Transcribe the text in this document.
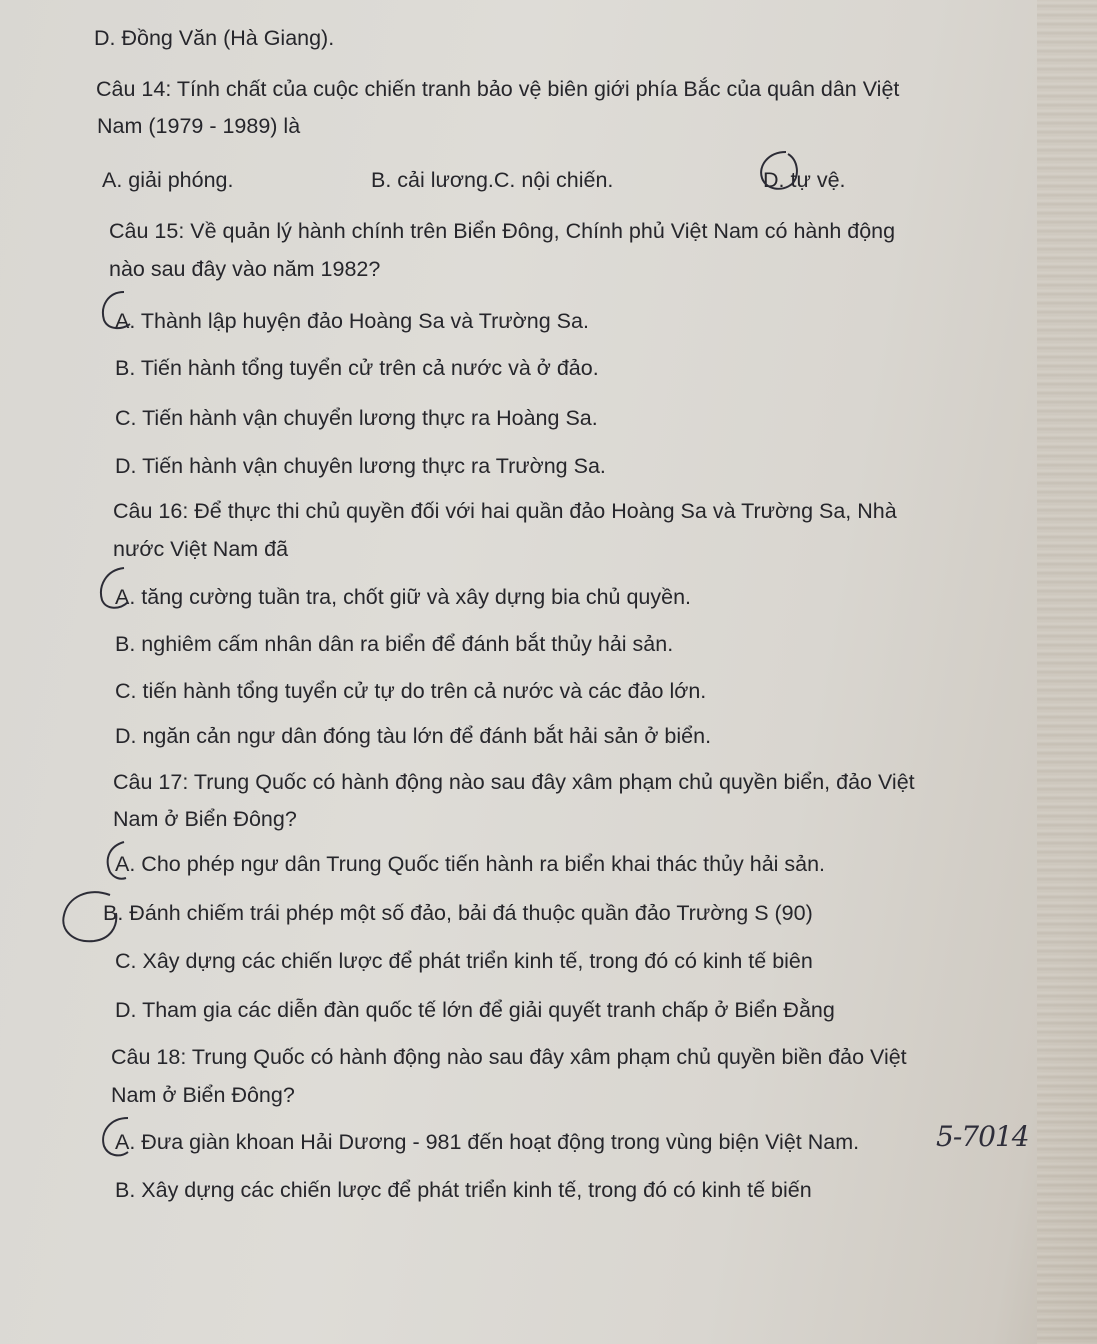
D. Đồng Văn (Hà Giang).
Câu 14: Tính chất của cuộc chiến tranh bảo vệ biên giới phía Bắc của quân dân Việt
Nam (1979 - 1989) là
A. giải phóng.	B. cải lương.C. nội chiến.	D. tự vệ.
Câu 15: Về quản lý hành chính trên Biển Đông, Chính phủ Việt Nam có hành động
nào sau đây vào năm 1982?
A. Thành lập huyện đảo Hoàng Sa và Trường Sa.
B. Tiến hành tổng tuyển cử trên cả nước và ở đảo.
C. Tiến hành vận chuyển lương thực ra Hoàng Sa.
D. Tiến hành vận chuyên lương thực ra Trường Sa.
Câu 16: Để thực thi chủ quyền đối với hai quần đảo Hoàng Sa và Trường Sa, Nhà
nước Việt Nam đã
A. tăng cường tuần tra, chốt giữ và xây dựng bia chủ quyền.
B. nghiêm cấm nhân dân ra biển để đánh bắt thủy hải sản.
C. tiến hành tổng tuyển cử tự do trên cả nước và các đảo lớn.
D. ngăn cản ngư dân đóng tàu lớn để đánh bắt hải sản ở biển.
Câu 17: Trung Quốc có hành động nào sau đây xâm phạm chủ quyền biển, đảo Việt
Nam ở Biển Đông?
A. Cho phép ngư dân Trung Quốc tiến hành ra biển khai thác thủy hải sản.
B. Đánh chiếm trái phép một số đảo, bải đá thuộc quần đảo Trường S (90)
C. Xây dựng các chiến lược để phát triển kinh tế, trong đó có kinh tế biên
D. Tham gia các diễn đàn quốc tế lớn để giải quyết tranh chấp ở Biển Đằng
Câu 18: Trung Quốc có hành động nào sau đây xâm phạm chủ quyền biền đảo Việt
Nam ở Biển Đông?
A. Đưa giàn khoan Hải Dương - 981 đến hoạt động trong vùng biện Việt Nam.
B. Xây dựng các chiến lược để phát triển kinh tế, trong đó có kinh tế biến
5-7014
